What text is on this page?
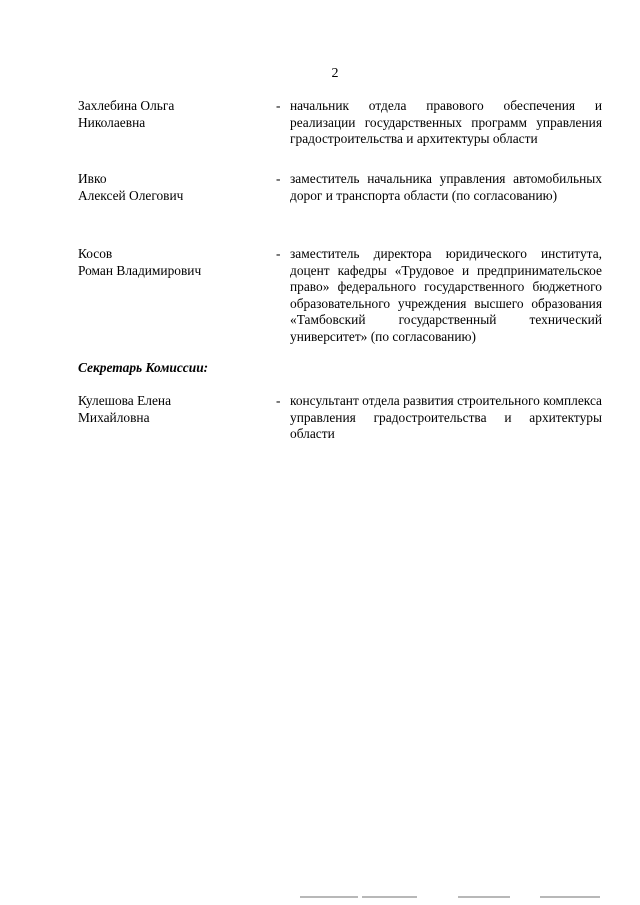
2
Захлебина Ольга
Николаевна
- начальник отдела правового обеспечения и реализации государственных программ управления градостроительства и архитектуры области
Ивко
Алексей Олегович
- заместитель начальника управления автомобильных дорог и транспорта области (по согласованию)
Косов
Роман Владимирович
- заместитель директора юридического института, доцент кафедры «Трудовое и предпринимательское право» федерального государственного бюджетного образовательного учреждения высшего образования «Тамбовский государственный технический университет» (по согласованию)
Секретарь Комиссии:
Кулешова Елена
Михайловна
- консультант отдела развития строительного комплекса управления градостроительства и архитектуры области
